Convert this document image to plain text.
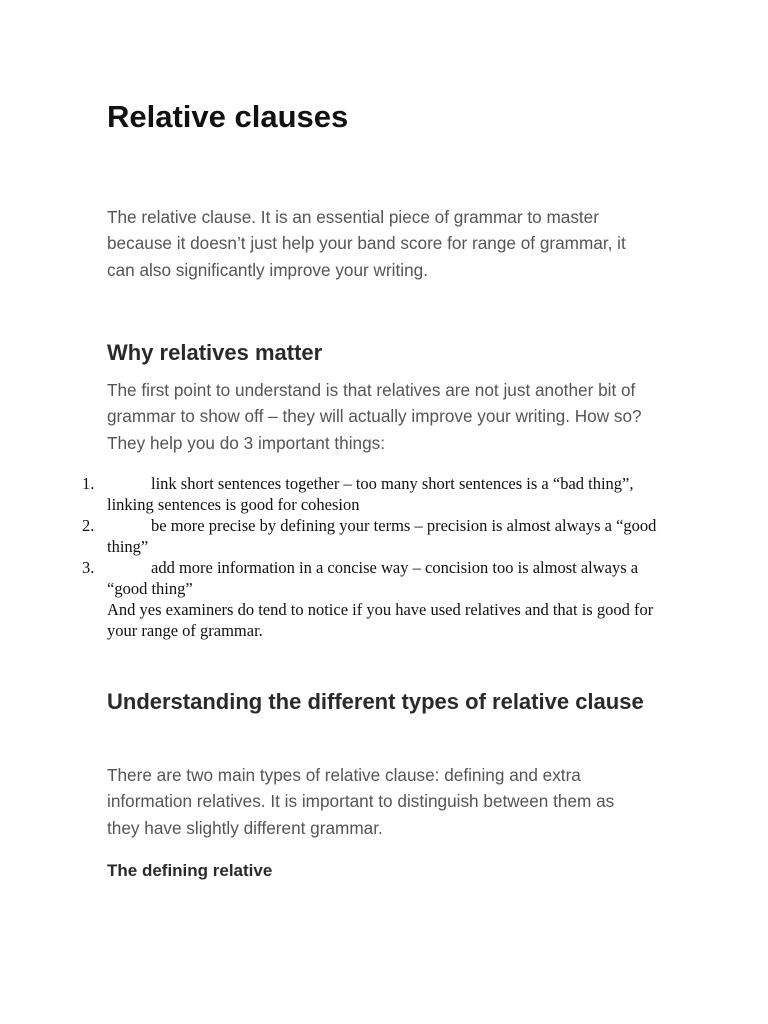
Relative clauses

The relative clause. It is an essential piece of grammar to master because it doesn’t just help your band score for range of grammar, it can also significantly improve your writing.

Why relatives matter

The first point to understand is that relatives are not just another bit of grammar to show off – they will actually improve your writing. How so? They help you do 3 important things:

1.	link short sentences together – too many short sentences is a “bad thing”, linking sentences is good for cohesion
2.	be more precise by defining your terms – precision is almost always a “good thing”
3.	add more information in a concise way – concision too is almost always a “good thing”
And yes examiners do tend to notice if you have used relatives and that is good for your range of grammar.
Understanding the different types of relative clause

There are two main types of relative clause: defining and extra information relatives. It is important to distinguish between them as they have slightly different grammar.

The defining relative
